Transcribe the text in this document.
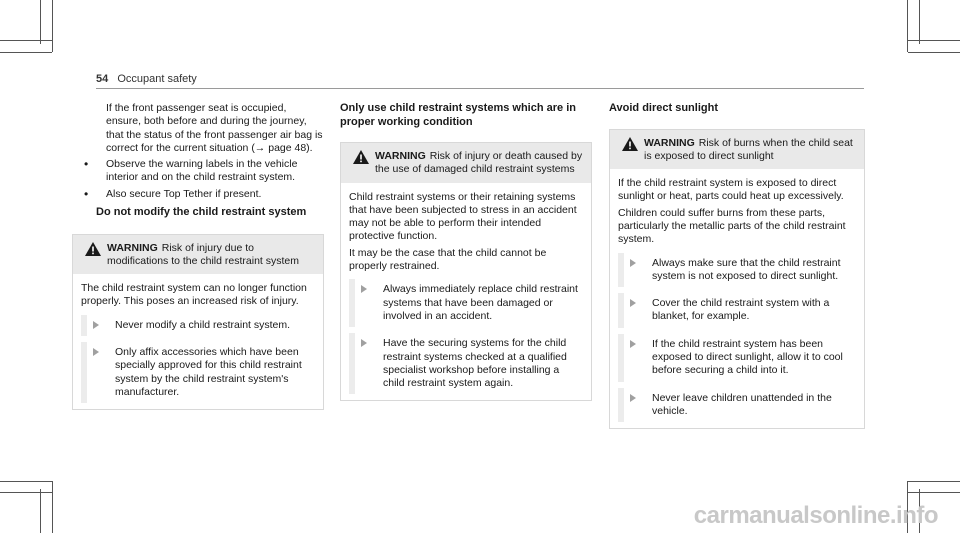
54 Occupant safety

If the front passenger seat is occupied, ensure, both before and during the journey, that the status of the front passenger air bag is correct for the current situation (→ page 48).

• Observe the warning labels in the vehicle interior and on the child restraint system.
• Also secure Top Tether if present.
Do not modify the child restraint system
WARNING Risk of injury due to modifications to the child restraint system

The child restraint system can no longer function properly. This poses an increased risk of injury.

Never modify a child restraint system.
Only affix accessories which have been specially approved for this child restraint system by the child restraint system's manufacturer.
Only use child restraint systems which are in proper working condition
WARNING Risk of injury or death caused by the use of damaged child restraint systems

Child restraint systems or their retaining systems that have been subjected to stress in an accident may not be able to perform their intended protective function.

It may be the case that the child cannot be properly restrained.

Always immediately replace child restraint systems that have been damaged or involved in an accident.
Have the securing systems for the child restraint systems checked at a qualified specialist workshop before installing a child restraint system again.
Avoid direct sunlight
WARNING Risk of burns when the child seat is exposed to direct sunlight

If the child restraint system is exposed to direct sunlight or heat, parts could heat up excessively.

Children could suffer burns from these parts, particularly the metallic parts of the child restraint system.

Always make sure that the child restraint system is not exposed to direct sunlight.
Cover the child restraint system with a blanket, for example.
If the child restraint system has been exposed to direct sunlight, allow it to cool before securing a child into it.
Never leave children unattended in the vehicle.
carmanualsonline.info
